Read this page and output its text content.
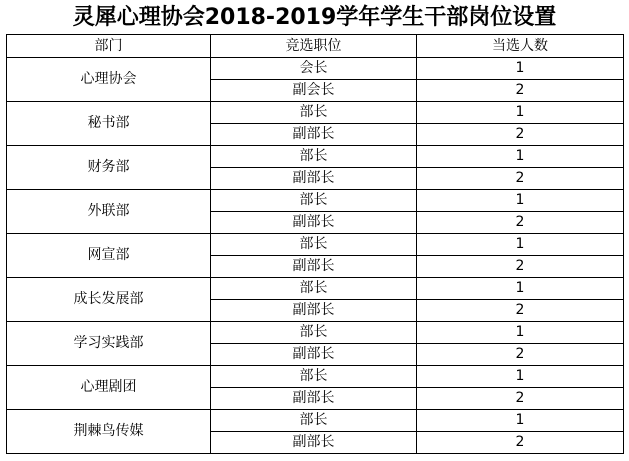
灵犀心理协会2018-2019学年学生干部岗位设置
部门	竞选职位	当选人数
心理协会	会长	1
	副会长	2
秘书部	部长	1
	副部长	2
财务部	部长	1
	副部长	2
外联部	部长	1
	副部长	2
网宣部	部长	1
	副部长	2
成长发展部	部长	1
	副部长	2
学习实践部	部长	1
	副部长	2
心理剧团	部长	1
	副部长	2
荆棘鸟传媒	部长	1
	副部长	2
